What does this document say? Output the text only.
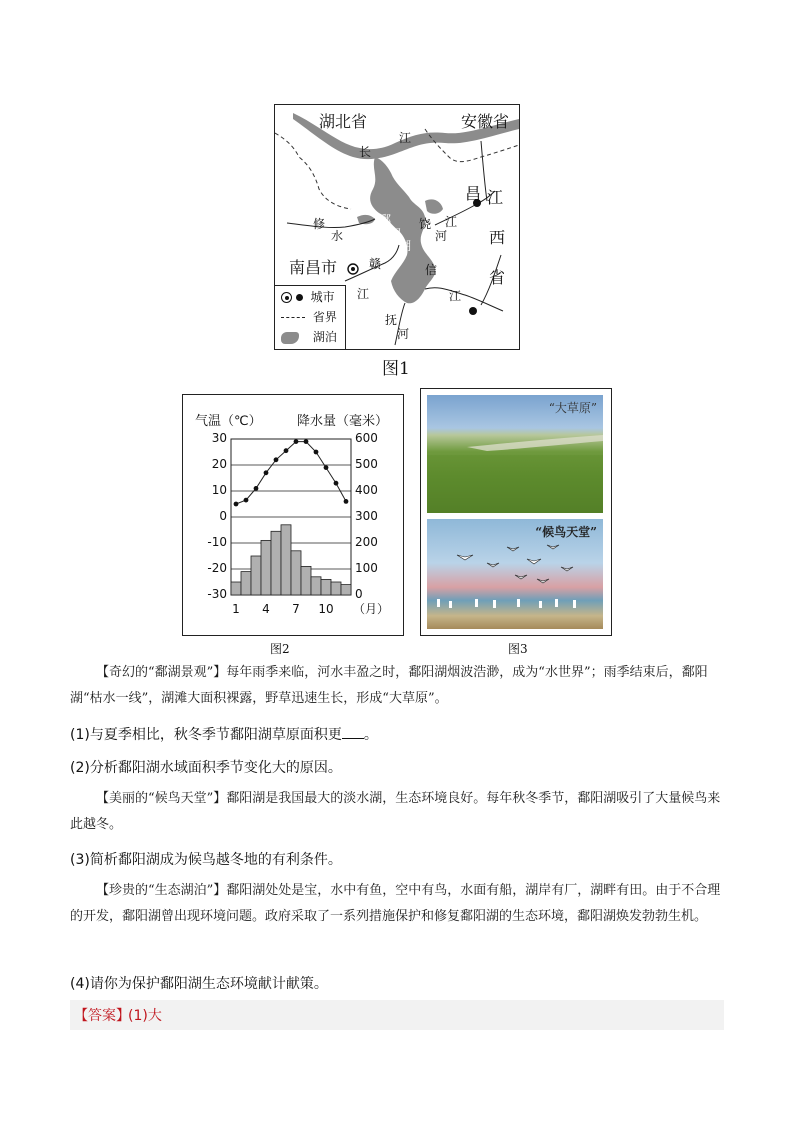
湖北省	安徽省
江
长
昌 江
西
省
修
水
鄱
阳
湖
饶 江
河
南昌市	赣	信
江	江
抚
河
城市
省界
湖泊
图1
气温（℃）	降水量（毫米）
30	600
20	500
10	400
0	300
-10	200
-20	100
-30	0
1 4 7 10 （月）
图2
“大草原”
“候鸟天堂”
图3
【奇幻的“鄱湖景观”】每年雨季来临，河水丰盈之时，鄱阳湖烟波浩渺，成为“水世界”；雨季结束后，鄱阳湖“枯水一线”，湖滩大面积裸露，野草迅速生长，形成“大草原”。
(1)与夏季相比，秋冬季节鄱阳湖草原面积更 。
(2)分析鄱阳湖水域面积季节变化大的原因。
【美丽的“候鸟天堂”】鄱阳湖是我国最大的淡水湖，生态环境良好。每年秋冬季节，鄱阳湖吸引了大量候鸟来此越冬。
(3)简析鄱阳湖成为候鸟越冬地的有利条件。
【珍贵的“生态湖泊”】鄱阳湖处处是宝，水中有鱼，空中有鸟，水面有船，湖岸有厂，湖畔有田。由于不合理的开发，鄱阳湖曾出现环境问题。政府采取了一系列措施保护和修复鄱阳湖的生态环境，鄱阳湖焕发勃勃生机。
(4)请你为保护鄱阳湖生态环境献计献策。
【答案】
(1)大
